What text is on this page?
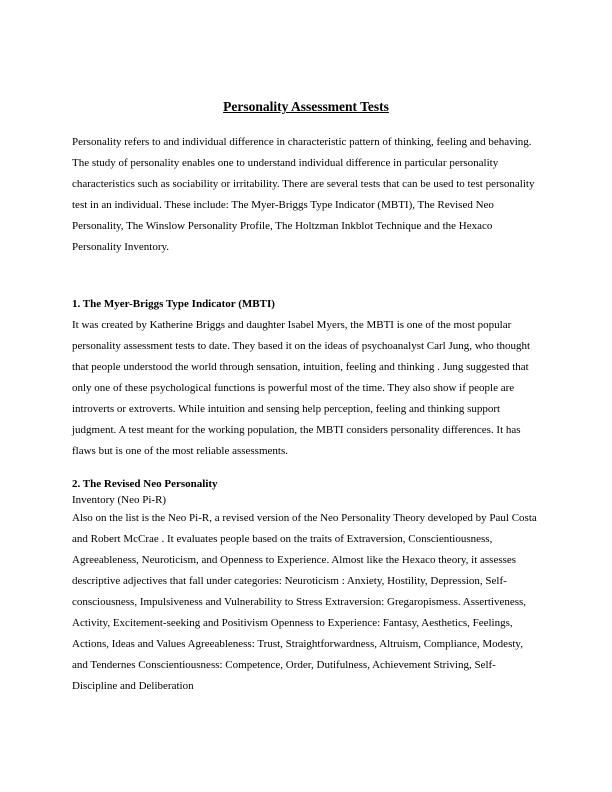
Personality Assessment Tests

Personality refers to and individual difference in characteristic pattern of thinking, feeling and behaving. The study of personality enables one to understand individual difference in particular personality characteristics such as sociability or irritability. There are several tests that can be used to test personality test in an individual. These include: The Myer-Briggs Type Indicator (MBTI), The Revised Neo Personality, The Winslow Personality Profile, The Holtzman Inkblot Technique and the Hexaco Personality Inventory.

1. The Myer-Briggs Type Indicator (MBTI)

It was created by Katherine Briggs and daughter Isabel Myers, the MBTI is one of the most popular personality assessment tests to date. They based it on the ideas of psychoanalyst Carl Jung, who thought that people understood the world through sensation, intuition, feeling and thinking . Jung suggested that only one of these psychological functions is powerful most of the time. They also show if people are introverts or extroverts. While intuition and sensing help perception, feeling and thinking support judgment. A test meant for the working population, the MBTI considers personality differences. It has flaws but is one of the most reliable assessments.

2. The Revised Neo Personality
Inventory (Neo Pi-R)

Also on the list is the Neo Pi-R, a revised version of the Neo Personality Theory developed by Paul Costa and Robert McCrae . It evaluates people based on the traits of Extraversion, Conscientiousness, Agreeableness, Neuroticism, and Openness to Experience. Almost like the Hexaco theory, it assesses descriptive adjectives that fall under categories: Neuroticism : Anxiety, Hostility, Depression, Self-consciousness, Impulsiveness and Vulnerability to Stress Extraversion: Gregaropismess. Assertiveness, Activity, Excitement-seeking and Positivism Openness to Experience: Fantasy, Aesthetics, Feelings, Actions, Ideas and Values Agreeableness: Trust, Straightforwardness, Altruism, Compliance, Modesty, and Tendernes Conscientiousness: Competence, Order, Dutifulness, Achievement Striving, Self-Discipline and Deliberation
